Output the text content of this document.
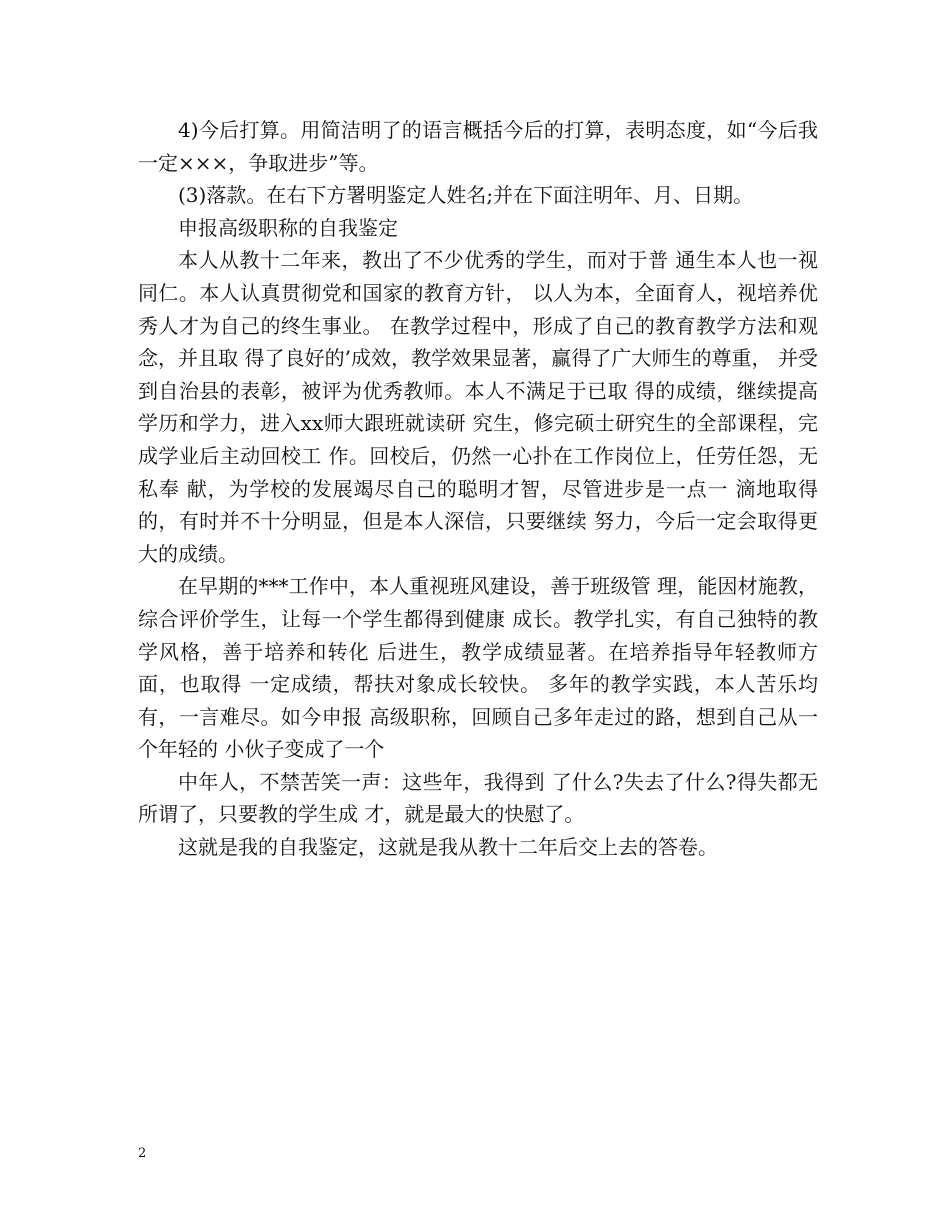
4)今后打算。用简洁明了的语言概括今后的打算，表明态度，如“今后我一定×××，争取进步”等。

(3)落款。在右下方署明鉴定人姓名;并在下面注明年、月、日期。

申报高级职称的自我鉴定

本人从教十二年来，教出了不少优秀的学生，而对于普 通生本人也一视同仁。本人认真贯彻党和国家的教育方针， 以人为本，全面育人，视培养优秀人才为自己的终生事业。 在教学过程中，形成了自己的教育教学方法和观念，并且取 得了良好的’成效，教学效果显著，赢得了广大师生的尊重， 并受到自治县的表彰，被评为优秀教师。本人不满足于已取 得的成绩，继续提高学历和学力，进入xx师大跟班就读研 究生，修完硕士研究生的全部课程，完成学业后主动回校工 作。回校后，仍然一心扑在工作岗位上，任劳任怨，无私奉 献，为学校的发展竭尽自己的聪明才智，尽管进步是一点一 滴地取得的，有时并不十分明显，但是本人深信，只要继续 努力，今后一定会取得更大的成绩。

在早期的***工作中，本人重视班风建设，善于班级管 理，能因材施教，综合评价学生，让每一个学生都得到健康 成长。教学扎实，有自己独特的教学风格，善于培养和转化 后进生，教学成绩显著。在培养指导年轻教师方面，也取得 一定成绩，帮扶对象成长较快。 多年的教学实践，本人苦乐均有，一言难尽。如今申报 高级职称，回顾自己多年走过的路，想到自己从一个年轻的 小伙子变成了一个

中年人，不禁苦笑一声：这些年，我得到 了什么?失去了什么?得失都无所谓了，只要教的学生成 才，就是最大的快慰了。

这就是我的自我鉴定，这就是我从教十二年后交上去的答卷。

2
